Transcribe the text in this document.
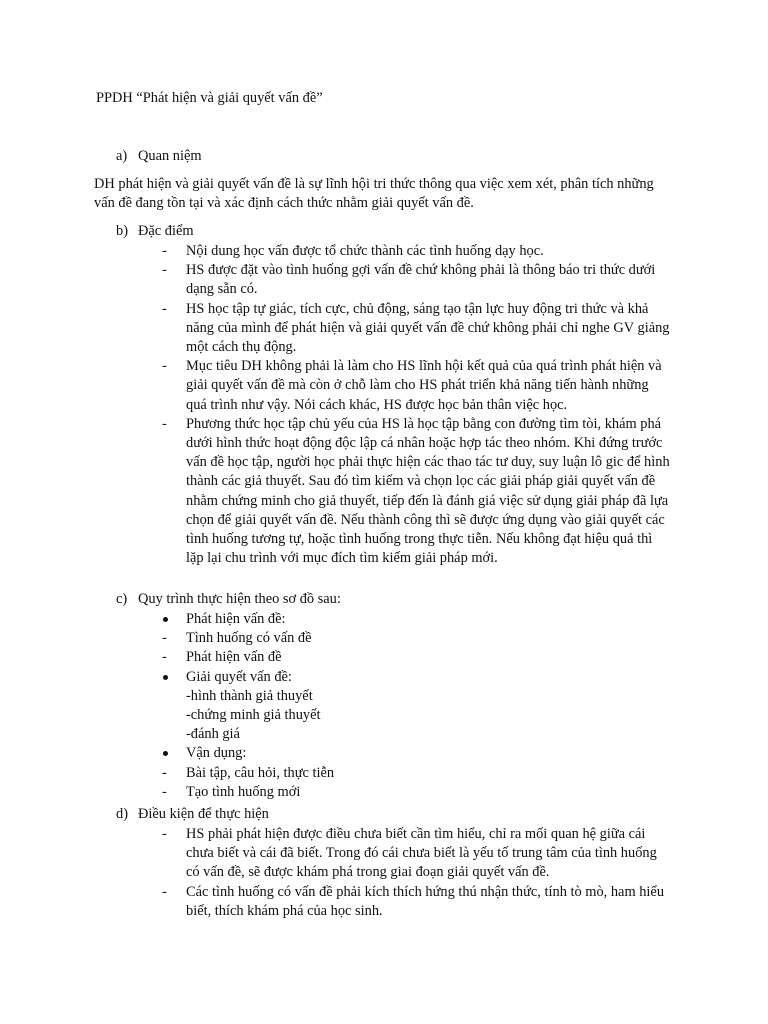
PPDH “Phát hiện và giải quyết vấn đề”
a) Quan niệm
DH phát hiện và giải quyết vấn đề là sự lĩnh hội tri thức thông qua việc xem xét, phân tích những vấn đề đang tồn tại và xác định cách thức nhằm giải quyết vấn đề.
b) Đặc điểm
- Nội dung học vấn được tổ chức thành các tình huống dạy học.
- HS được đặt vào tình huống gợi vấn đề chứ không phải là thông báo tri thức dưới dạng sẵn có.
- HS học tập tự giác, tích cực, chủ động, sáng tạo tận lực huy động tri thức và khả năng của mình để phát hiện và giải quyết vấn đề chứ không phải chỉ nghe GV giảng một cách thụ động.
- Mục tiêu DH không phải là làm cho HS lĩnh hội kết quả của quá trình phát hiện và giải quyết vấn đề mà còn ở chỗ làm cho HS phát triển khả năng tiến hành những quá trình như vậy. Nói cách khác, HS được học bản thân việc học.
- Phương thức học tập chủ yếu của HS là học tập bằng con đường tìm tòi, khám phá dưới hình thức hoạt động độc lập cá nhân hoặc hợp tác theo nhóm. Khi đứng trước vấn đề học tập, người học phải thực hiện các thao tác tư duy, suy luận lô gic để hình thành các giả thuyết. Sau đó tìm kiếm và chọn lọc các giải pháp giải quyết vấn đề nhằm chứng minh cho giả thuyết, tiếp đến là đánh giá việc sử dụng giải pháp đã lựa chọn để giải quyết vấn đề. Nếu thành công thì sẽ được ứng dụng vào giải quyết các tình huống tương tự, hoặc tình huống trong thực tiễn. Nếu không đạt hiệu quả thì lặp lại chu trình với mục đích tìm kiếm giải pháp mới.
c) Quy trình thực hiện theo sơ đồ sau:
Phát hiện vấn đề:
- Tình huống có vấn đề
- Phát hiện vấn đề
Giải quyết vấn đề:
-hình thành giả thuyết
-chứng minh giả thuyết
-đánh giá
Vận dụng:
- Bài tập, câu hỏi, thực tiễn
- Tạo tình huống mới
d) Điều kiện để thực hiện
- HS phải phát hiện được điều chưa biết cần tìm hiểu, chỉ ra mối quan hệ giữa cái chưa biết và cái đã biết. Trong đó cái chưa biết là yếu tố trung tâm của tình huống có vấn đề, sẽ được khám phá trong giai đoạn giải quyết vấn đề.
- Các tình huống có vấn đề phải kích thích hứng thú nhận thức, tính tò mò, ham hiểu biết, thích khám phá của học sinh.
